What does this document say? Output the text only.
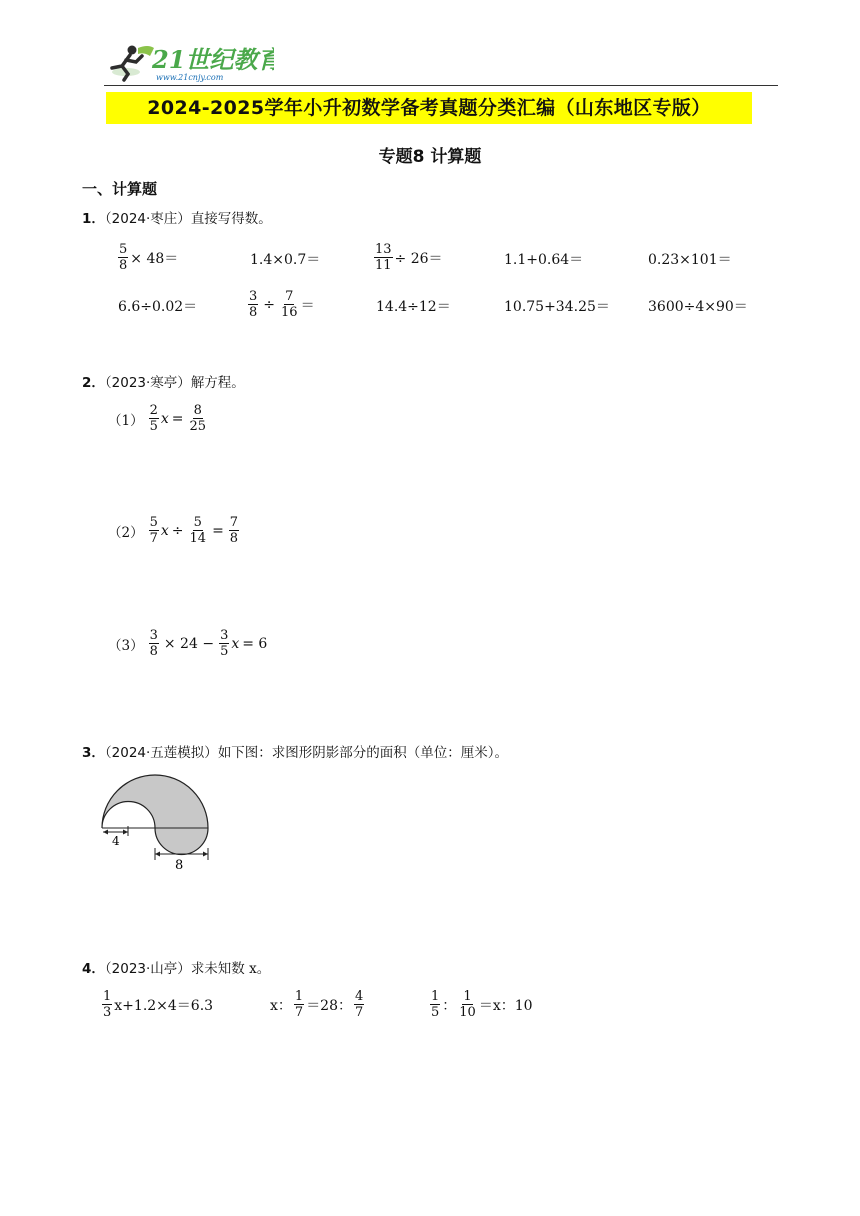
21世纪教育
www.21cnjy.com
2024-2025学年小升初数学备考真题分类汇编（山东地区专版）
专题8 计算题
一、计算题
1．（2024·枣庄）直接写得数。
$\frac{5}{8} \times 48=$	1.4×0.7＝	$\frac{13}{11} \div 26=$	1.1+0.64＝	0.23×101＝
6.6÷0.02＝	$\frac{3}{8} \div \frac{7}{16}$ ＝	14.4÷12＝	10.75+34.25＝	3600÷4×90＝
2．（2023·寒亭）解方程。
$(1) \frac{2}{5}$ $x = \frac{8}{25}$
$(2) \frac{5}{7}$ $x \div \frac{5}{14} = \frac{7}{8}$
$(3) \frac{3}{8} \times 24 - \frac{3}{5}$ x = 6
3．（2024·五莲模拟）如下图：求图形阴影部分的面积（单位：厘米）。
4
8
4．（2023·山亭）求未知数 x。
$\frac{1}{3} x+1.2\times 4=6.3$	x： $\frac{1}{7} =28$： $\frac{4}{7}$	$\frac{1}{5}$ ： $\frac{1}{10} =x$：10
